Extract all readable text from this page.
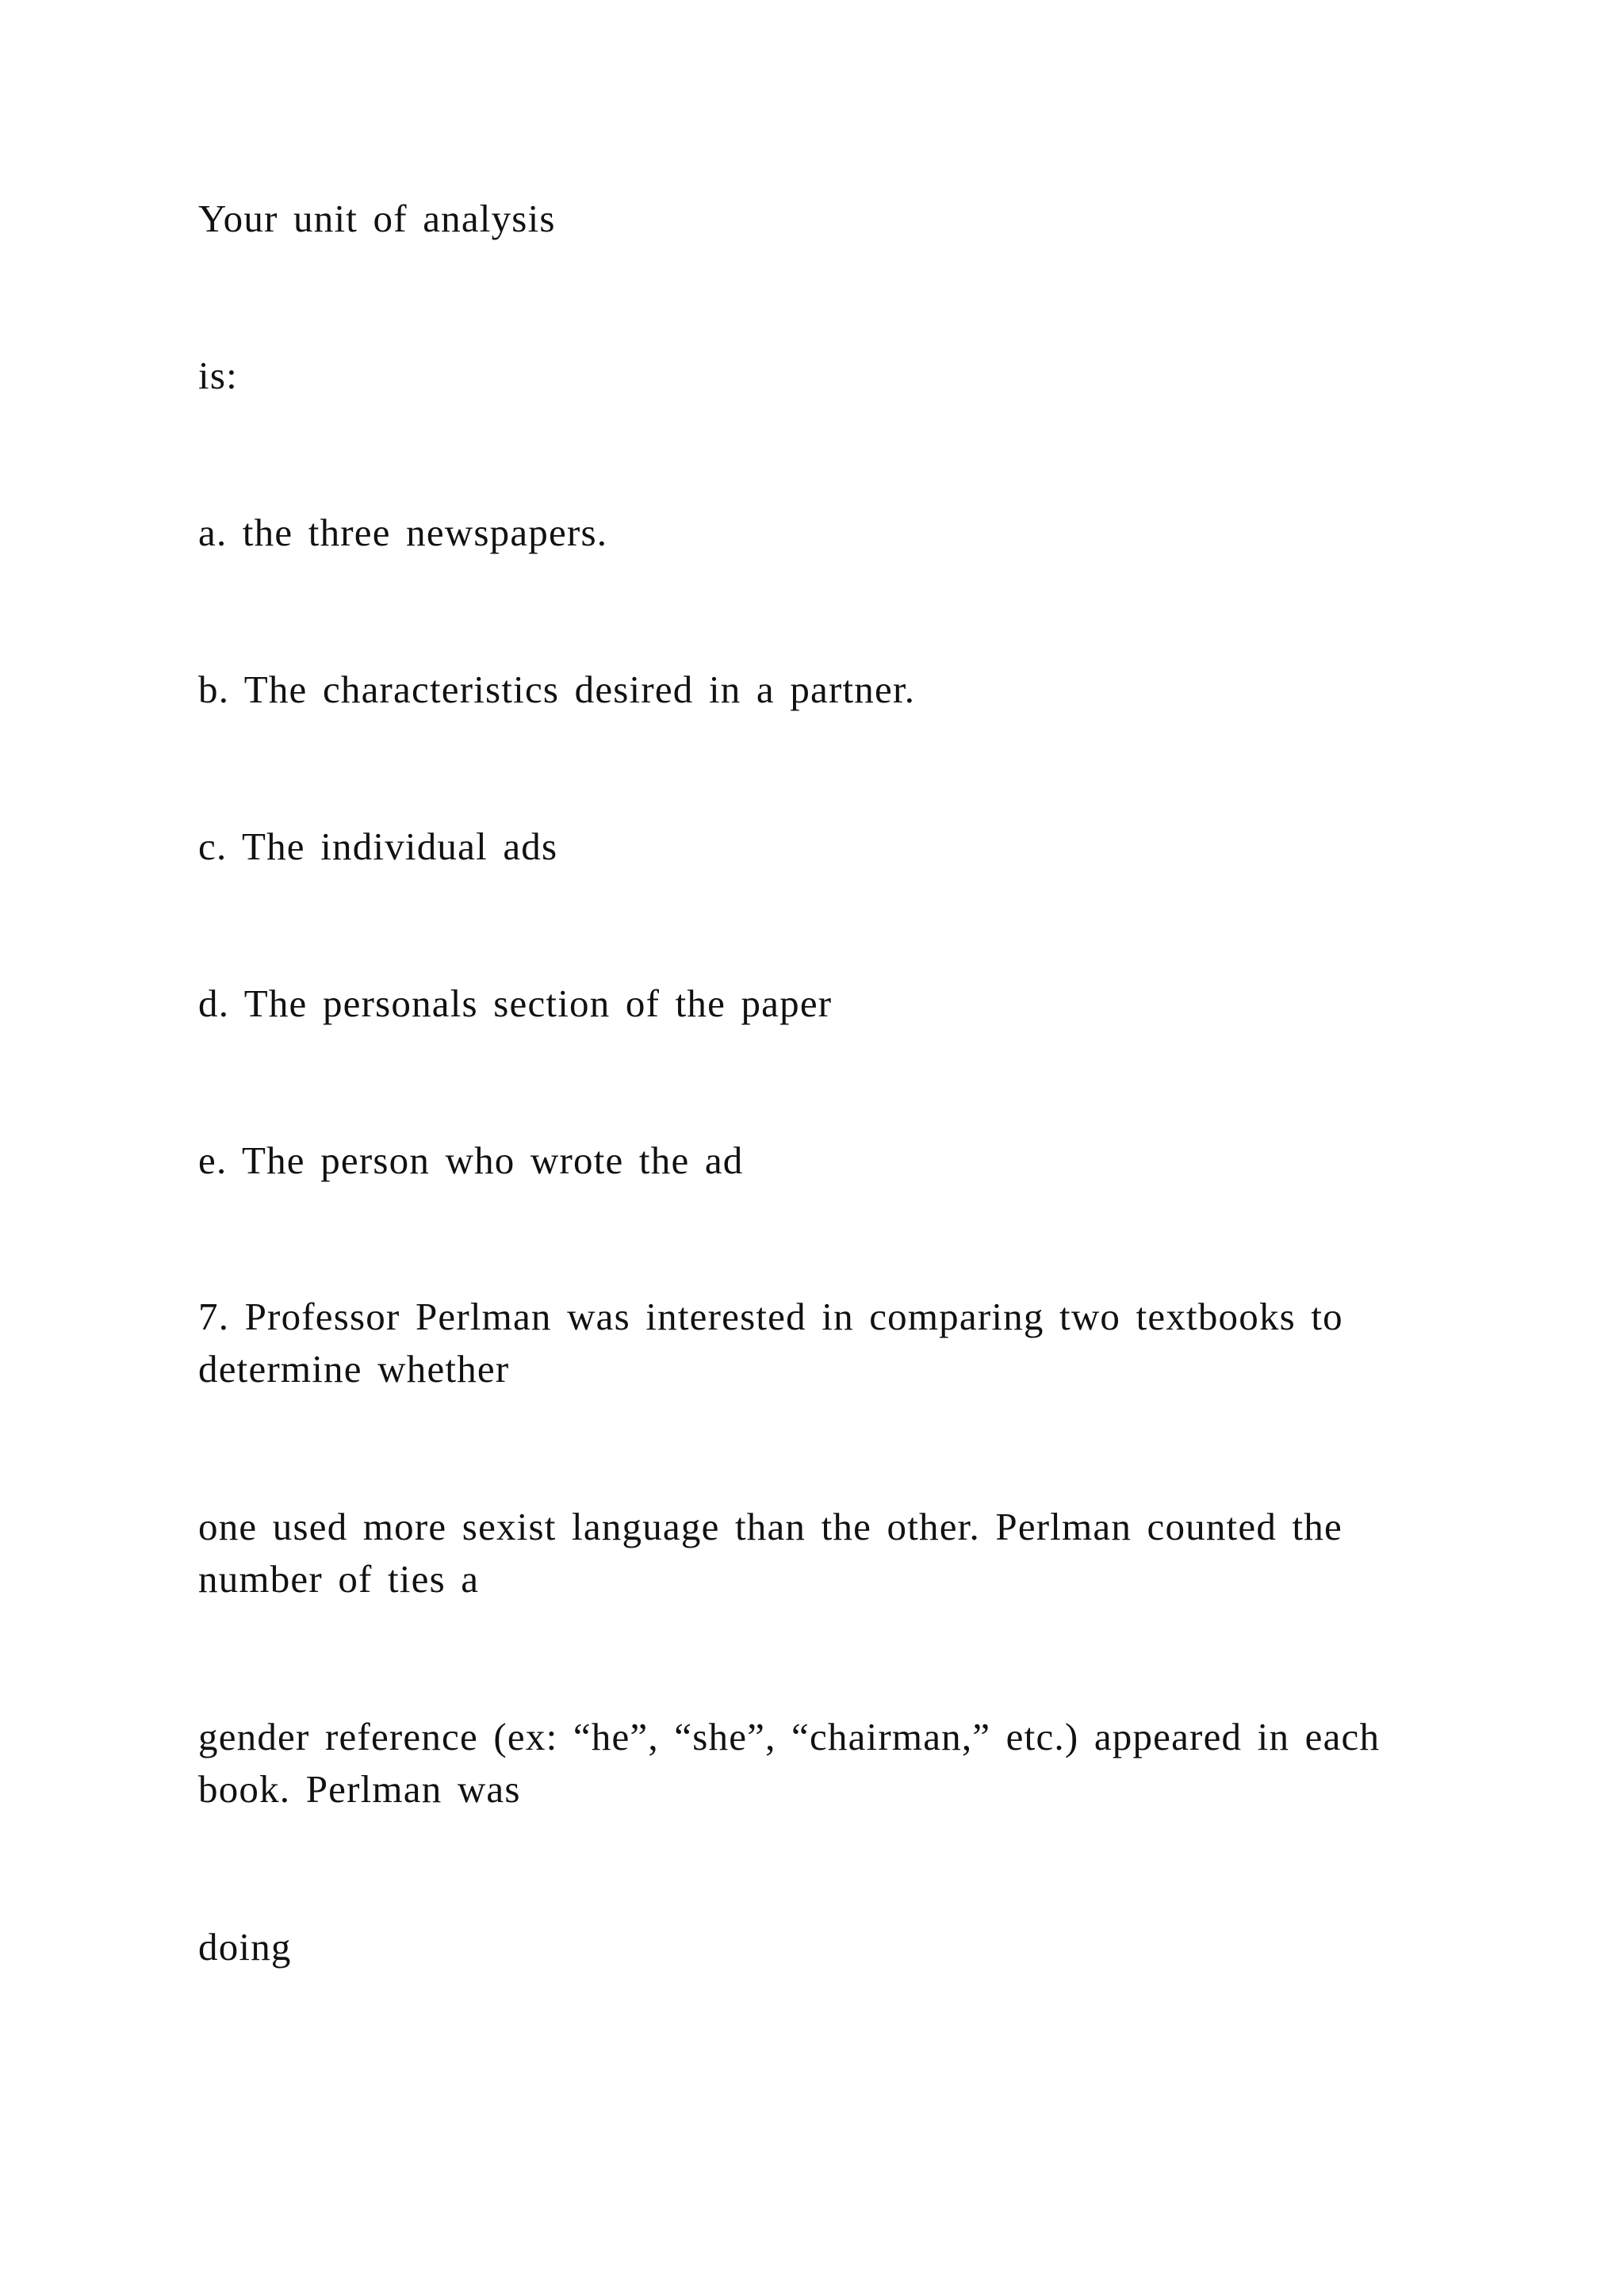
Your unit of analysis

is:

a. the three newspapers.

b. The characteristics desired in a partner.

c. The individual ads

d. The personals section of the paper

e. The person who wrote the ad

7. Professor Perlman was interested in comparing two textbooks to determine whether

one used more sexist language than the other. Perlman counted the number of ties a

gender reference (ex: “he”, “she”, “chairman,” etc.) appeared in each book. Perlman was

doing
